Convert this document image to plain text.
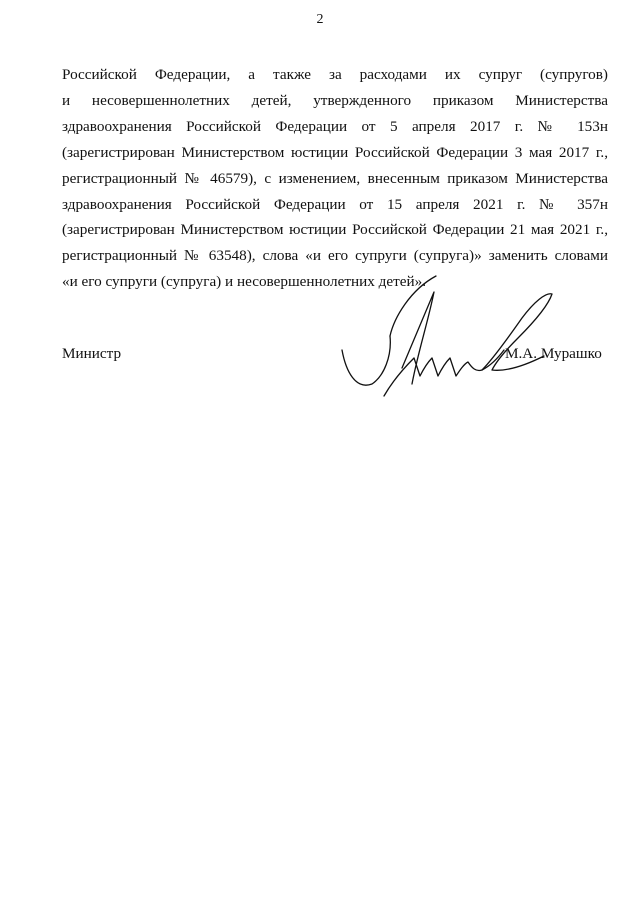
2
Российской Федерации, а также за расходами их супруг (супругов)
и несовершеннолетних детей, утвержденного приказом Министерства
здравоохранения Российской Федерации от 5 апреля 2017 г. № 153н
(зарегистрирован Министерством юстиции Российской Федерации 3 мая 2017 г.,
регистрационный № 46579), с изменением, внесенным приказом Министерства
здравоохранения Российской Федерации от 15 апреля 2021 г. № 357н
(зарегистрирован Министерством юстиции Российской Федерации 21 мая 2021 г.,
регистрационный № 63548), слова «и его супруги (супруга)» заменить словами
«и его супруги (супруга) и несовершеннолетних детей».
Министр	М.А. Мурашко
